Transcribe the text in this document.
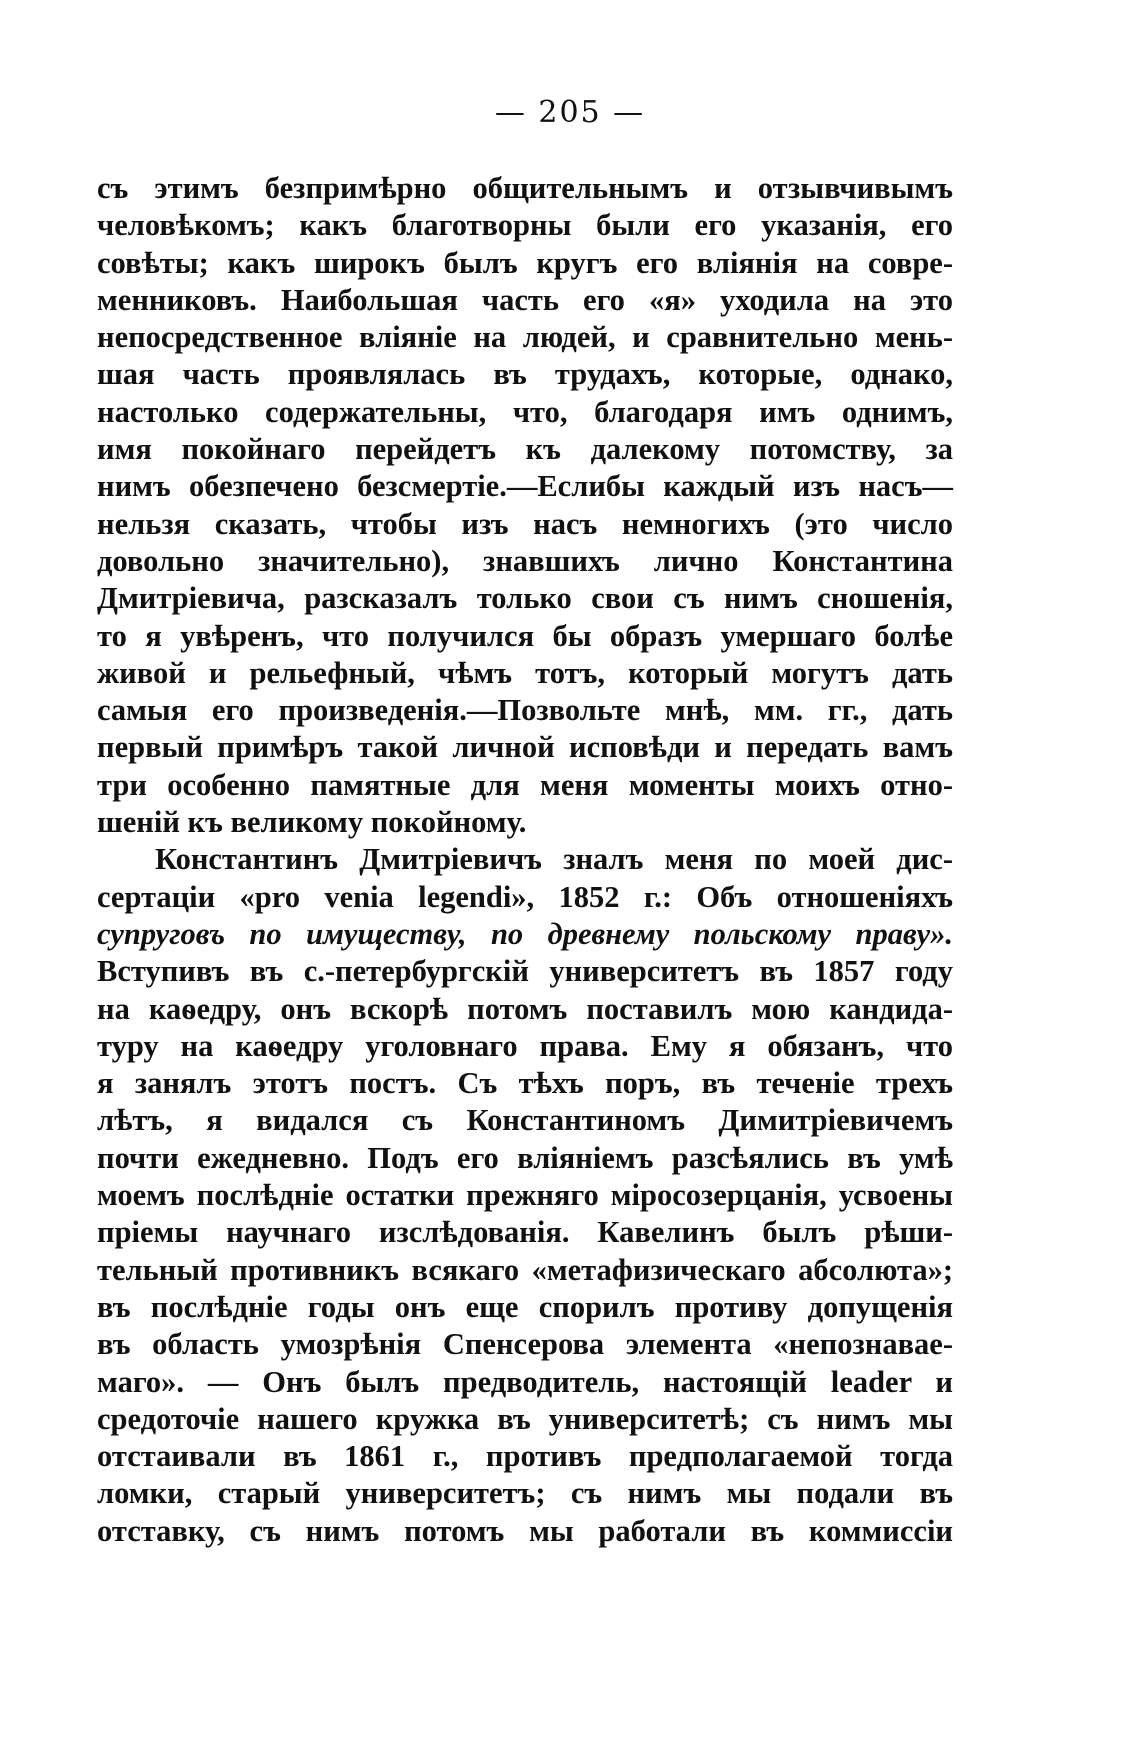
— 205 —
съ этимъ безпримѣрно общительнымъ и отзывчивымъ
человѣкомъ; какъ благотворны были его указанія, его
совѣты; какъ широкъ былъ кругъ его вліянія на совре-
менниковъ. Наибольшая часть его «я» уходила на это
непосредственное вліяніе на людей, и сравнительно мень-
шая часть проявлялась въ трудахъ, которые, однако,
настолько содержательны, что, благодаря имъ однимъ,
имя покойнаго перейдетъ къ далекому потомству, за
нимъ обезпечено безсмертіе.—Еслибы каждый изъ насъ—
нельзя сказать, чтобы изъ насъ немногихъ (это число
довольно значительно), знавшихъ лично Константина
Дмитріевича, разсказалъ только свои съ нимъ сношенія,
то я увѣренъ, что получился бы образъ умершаго болѣе
живой и рельефный, чѣмъ тотъ, который могутъ дать
самыя его произведенія.—Позвольте мнѣ, мм. гг., дать
первый примѣръ такой личной исповѣди и передать вамъ
три особенно памятные для меня моменты моихъ отно-
шеній къ великому покойному.
Константинъ Дмитріевичъ зналъ меня по моей дис-
сертаціи «pro venia legendi», 1852 г.: Объ отношеніяхъ
супруговъ по имуществу, по древнему польскому праву».
Вступивъ въ с.-петербургскій университетъ въ 1857 году
на каѳедру, онъ вскорѣ потомъ поставилъ мою кандида-
туру на каѳедру уголовнаго права. Ему я обязанъ, что
я занялъ этотъ постъ. Съ тѣхъ поръ, въ теченіе трехъ
лѣтъ, я видался съ Константиномъ Димитріевичемъ
почти ежедневно. Подъ его вліяніемъ разсѣялись въ умѣ
моемъ послѣдніе остатки прежняго міросозерцанія, усвоены
пріемы научнаго изслѣдованія. Кавелинъ былъ рѣши-
тельный противникъ всякаго «метафизическаго абсолюта»;
въ послѣдніе годы онъ еще спорилъ противу допущенія
въ область умозрѣнія Спенсерова элемента «непознавае-
маго». — Онъ былъ предводитель, настоящій leader и
средоточіе нашего кружка въ университетѣ; съ нимъ мы
отстаивали въ 1861 г., противъ предполагаемой тогда
ломки, старый университетъ; съ нимъ мы подали въ
отставку, съ нимъ потомъ мы работали въ коммиссіи
